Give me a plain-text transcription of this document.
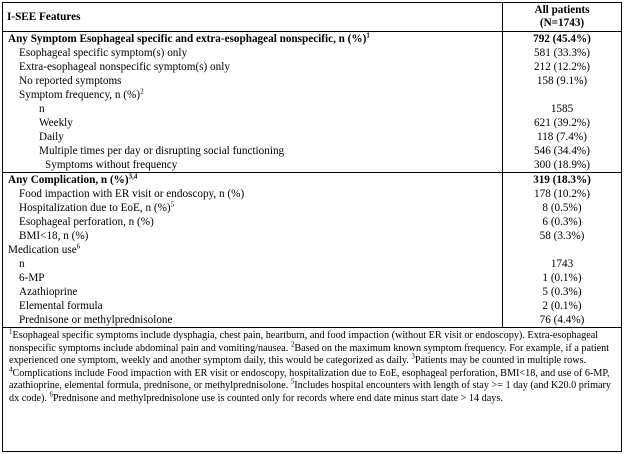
I-SEE Features	All patients
(N=1743)

Any Symptom Esophageal specific and extra-esophageal nonspecific, n (%)$^1$	792 (45.4%)
Esophageal specific symptom(s) only	581 (33.3%)
Extra-esophageal nonspecific symptom(s) only	212 (12.2%)
No reported symptoms	158 (9.1%)
Symptom frequency, n (%)$^2$	
n	1585
Weekly	621 (39.2%)
Daily	118 (7.4%)
Multiple times per day or disrupting social functioning	546 (34.4%)
Symptoms without frequency	300 (18.9%)
Any Complication, n (%)$^{3,4}$	319 (18.3%)
Food impaction with ER visit or endoscopy, n (%)	178 (10.2%)
Hospitalization due to EoE, n (%)$^5$	8 (0.5%)
Esophageal perforation, n (%)	6 (0.3%)
BMI<18, n (%)	58 (3.3%)
Medication use$^6$	
n	1743
6-MP	1 (0.1%)
Azathioprine	5 (0.3%)
Elemental formula	2 (0.1%)
Prednisone or methylprednisolone	76 (4.4%)

$^1$Esophageal specific symptoms include dysphagia, chest pain, heartburn, and food impaction (without ER visit or endoscopy). Extra-esophageal nonspecific symptoms include abdominal pain and vomiting/nausea. $^2$Based on the maximum known symptom frequency. For example, if a patient experienced one symptom, weekly and another symptom daily, this would be categorized as daily. $^3$Patients may be counted in multiple rows. $^4$Complications include Food impaction with ER visit or endoscopy, hospitalization due to EoE, esophageal perforation, BMI<18, and use of 6-MP, azathioprine, elemental formula, prednisone, or methylprednisolone. $^5$Includes hospital encounters with length of stay >= 1 day (and K20.0 primary dx code). $^6$Prednisone and methylprednisolone use is counted only for records where end date minus start date > 14 days.
